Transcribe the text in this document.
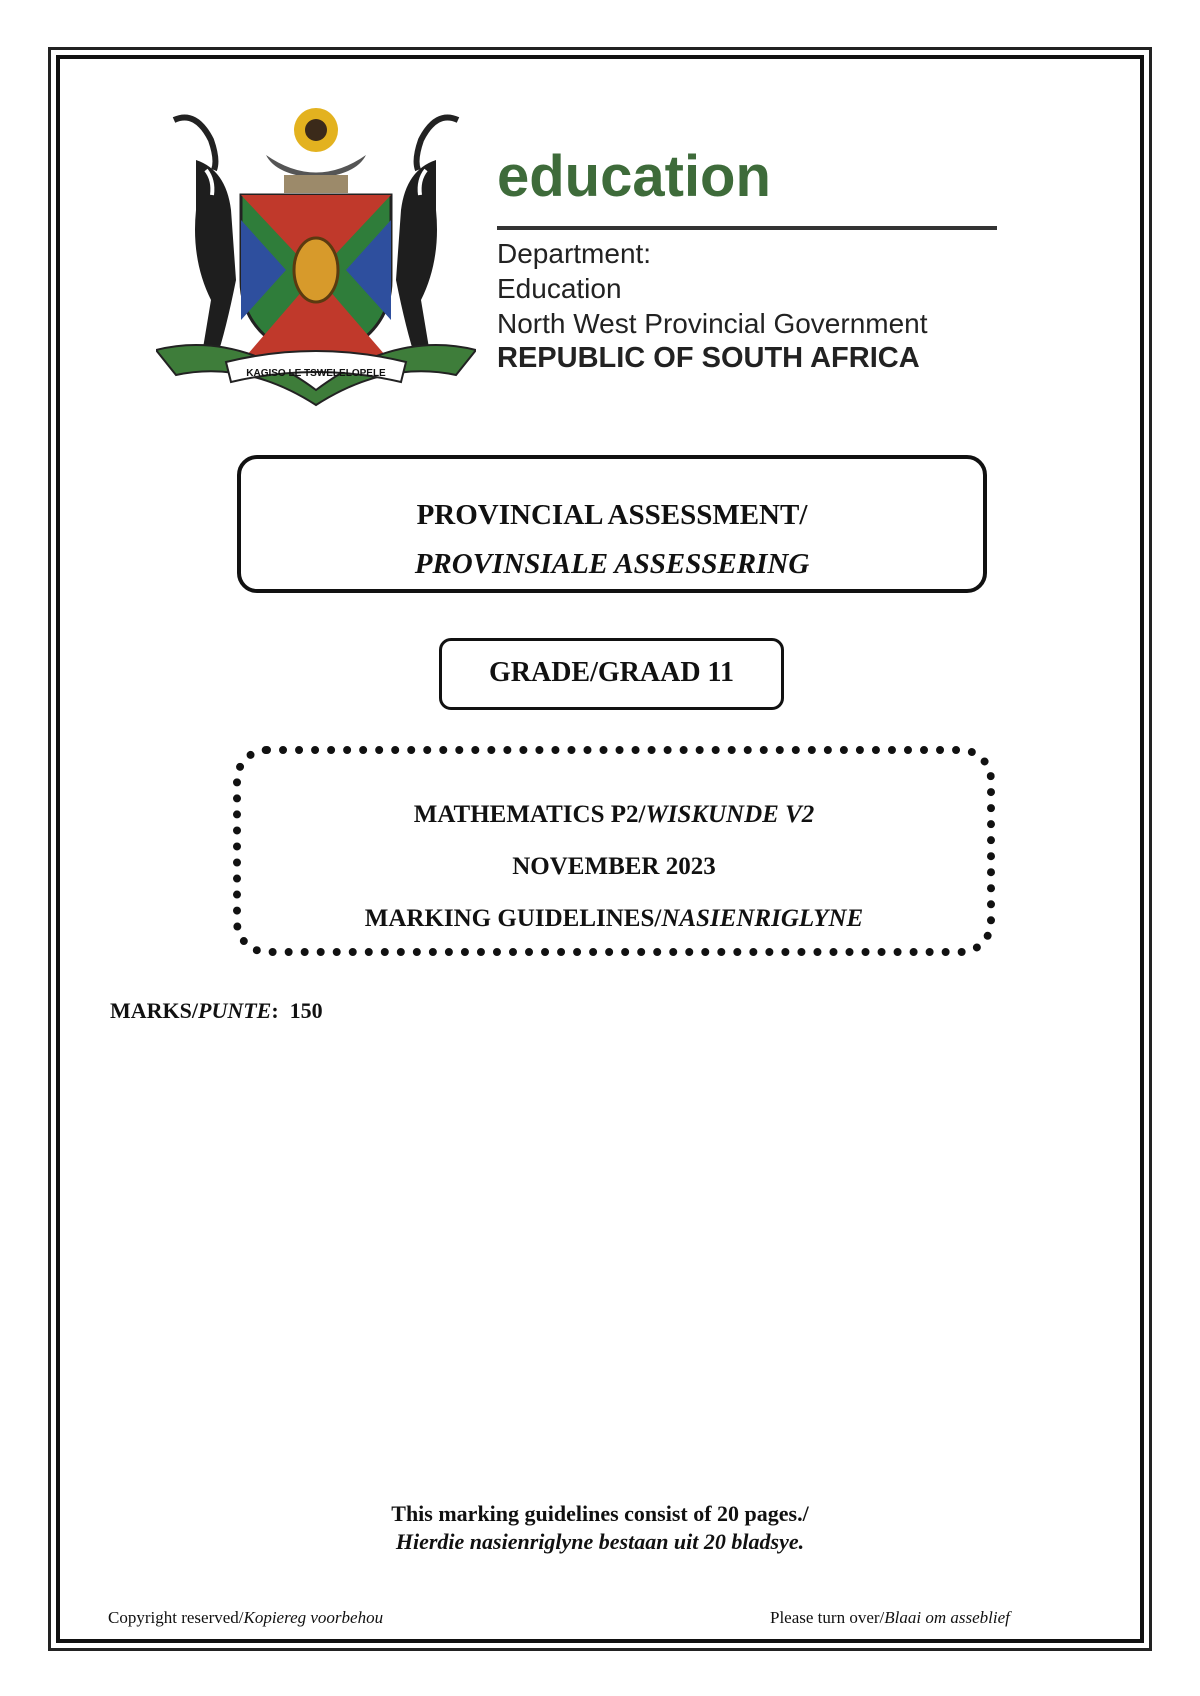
KAGISO LE TSWELELOPELE
education
Department:
Education
North West Provincial Government
REPUBLIC OF SOUTH AFRICA
PROVINCIAL ASSESSMENT/
PROVINSIALE ASSESSERING
GRADE/GRAAD 11
MATHEMATICS P2/WISKUNDE V2
NOVEMBER 2023
MARKING GUIDELINES/NASIENRIGLYNE
MARKS/PUNTE:  150
This marking guidelines consist of 20 pages./
Hierdie nasienriglyne bestaan uit 20 bladsye.
Copyright reserved/Kopiereg voorbehou	Please turn over/Blaai om asseblief
